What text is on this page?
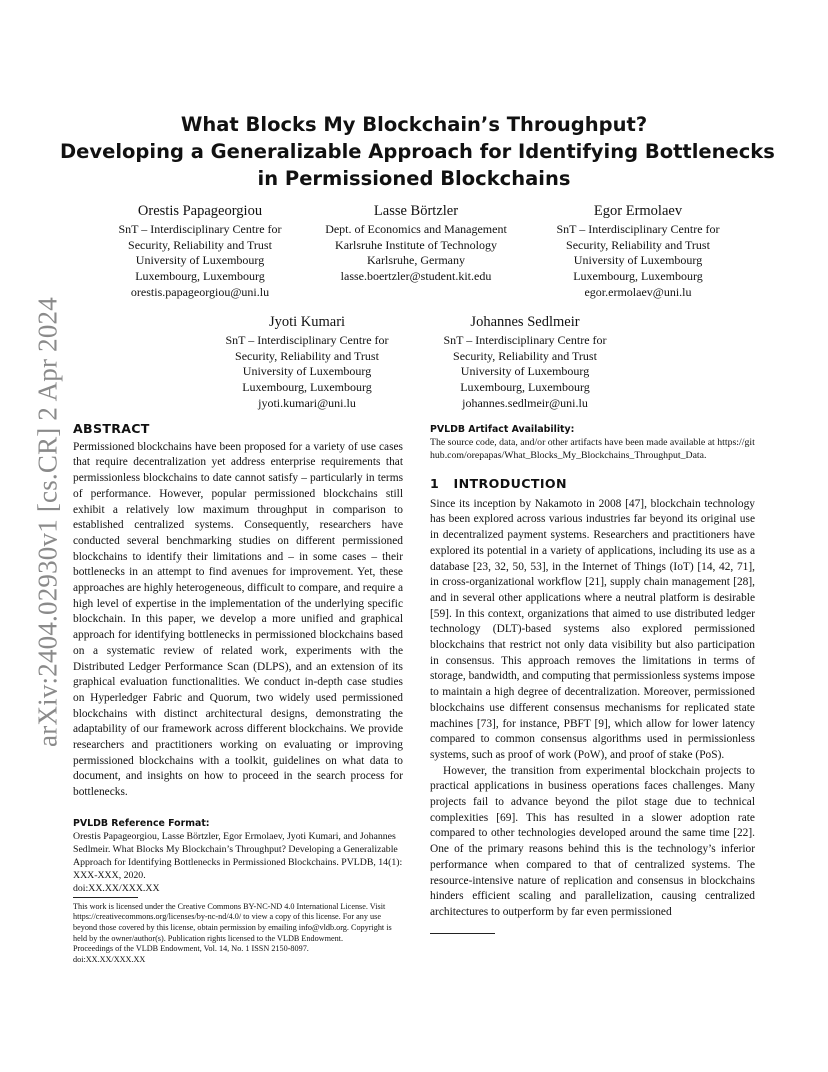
arXiv:2404.02930v1 [cs.CR] 2 Apr 2024
What Blocks My Blockchain’s Throughput?
Developing a Generalizable Approach for Identifying Bottlenecks
in Permissioned Blockchains
Orestis Papageorgiou
SnT – Interdisciplinary Centre for
Security, Reliability and Trust
University of Luxembourg
Luxembourg, Luxembourg
orestis.papageorgiou@uni.lu
Lasse Börtzler
Dept. of Economics and Management
Karlsruhe Institute of Technology
Karlsruhe, Germany
lasse.boertzler@student.kit.edu
Egor Ermolaev
SnT – Interdisciplinary Centre for
Security, Reliability and Trust
University of Luxembourg
Luxembourg, Luxembourg
egor.ermolaev@uni.lu
Jyoti Kumari
SnT – Interdisciplinary Centre for
Security, Reliability and Trust
University of Luxembourg
Luxembourg, Luxembourg
jyoti.kumari@uni.lu
Johannes Sedlmeir
SnT – Interdisciplinary Centre for
Security, Reliability and Trust
University of Luxembourg
Luxembourg, Luxembourg
johannes.sedlmeir@uni.lu
ABSTRACT
Permissioned blockchains have been proposed for a variety of use cases that require decentralization yet address enterprise requirements that permissionless blockchains to date cannot satisfy – particularly in terms of performance. However, popular permissioned blockchains still exhibit a relatively low maximum throughput in comparison to established centralized systems. Consequently, researchers have conducted several benchmarking studies on different permissioned blockchains to identify their limitations and – in some cases – their bottlenecks in an attempt to find avenues for improvement. Yet, these approaches are highly heterogeneous, difficult to compare, and require a high level of expertise in the implementation of the underlying specific blockchain. In this paper, we develop a more unified and graphical approach for identifying bottlenecks in permissioned blockchains based on a systematic review of related work, experiments with the Distributed Ledger Performance Scan (DLPS), and an extension of its graphical evaluation functionalities. We conduct in-depth case studies on Hyperledger Fabric and Quorum, two widely used permissioned blockchains with distinct architectural designs, demonstrating the adaptability of our framework across different blockchains. We provide researchers and practitioners working on evaluating or improving permissioned blockchains with a toolkit, guidelines on what data to document, and insights on how to proceed in the search process for bottlenecks.
PVLDB Reference Format:
Orestis Papageorgiou, Lasse Börtzler, Egor Ermolaev, Jyoti Kumari, and Johannes Sedlmeir. What Blocks My Blockchain’s Throughput? Developing a Generalizable Approach for Identifying Bottlenecks in Permissioned Blockchains. PVLDB, 14(1): XXX-XXX, 2020.
doi:XX.XX/XXX.XX
This work is licensed under the Creative Commons BY-NC-ND 4.0 International License. Visit https://creativecommons.org/licenses/by-nc-nd/4.0/ to view a copy of this license. For any use beyond those covered by this license, obtain permission by emailing info@vldb.org. Copyright is held by the owner/author(s). Publication rights licensed to the VLDB Endowment.
Proceedings of the VLDB Endowment, Vol. 14, No. 1 ISSN 2150-8097.
doi:XX.XX/XXX.XX
PVLDB Artifact Availability:
The source code, data, and/or other artifacts have been made available at https://github.com/orepapas/What_Blocks_My_Blockchains_Throughput_Data.
1   INTRODUCTION
Since its inception by Nakamoto in 2008 [47], blockchain technology has been explored across various industries far beyond its original use in decentralized payment systems. Researchers and practitioners have explored its potential in a variety of applications, including its use as a database [23, 32, 50, 53], in the Internet of Things (IoT) [14, 42, 71], in cross-organizational workflow [21], supply chain management [28], and in several other applications where a neutral platform is desirable [59]. In this context, organizations that aimed to use distributed ledger technology (DLT)-based systems also explored permissioned blockchains that restrict not only data visibility but also participation in consensus. This approach removes the limitations in terms of storage, bandwidth, and computing that permissionless systems impose to maintain a high degree of decentralization. Moreover, permissioned blockchains use different consensus mechanisms for replicated state machines [73], for instance, PBFT [9], which allow for lower latency compared to common consensus algorithms used in permissionless systems, such as proof of work (PoW), and proof of stake (PoS).
However, the transition from experimental blockchain projects to practical applications in business operations faces challenges. Many projects fail to advance beyond the pilot stage due to technical complexities [69]. This has resulted in a slower adoption rate compared to other technologies developed around the same time [22]. One of the primary reasons behind this is the technology’s inferior performance when compared to that of centralized systems. The resource-intensive nature of replication and consensus in blockchains hinders efficient scaling and parallelization, causing centralized architectures to outperform by far even permissioned
